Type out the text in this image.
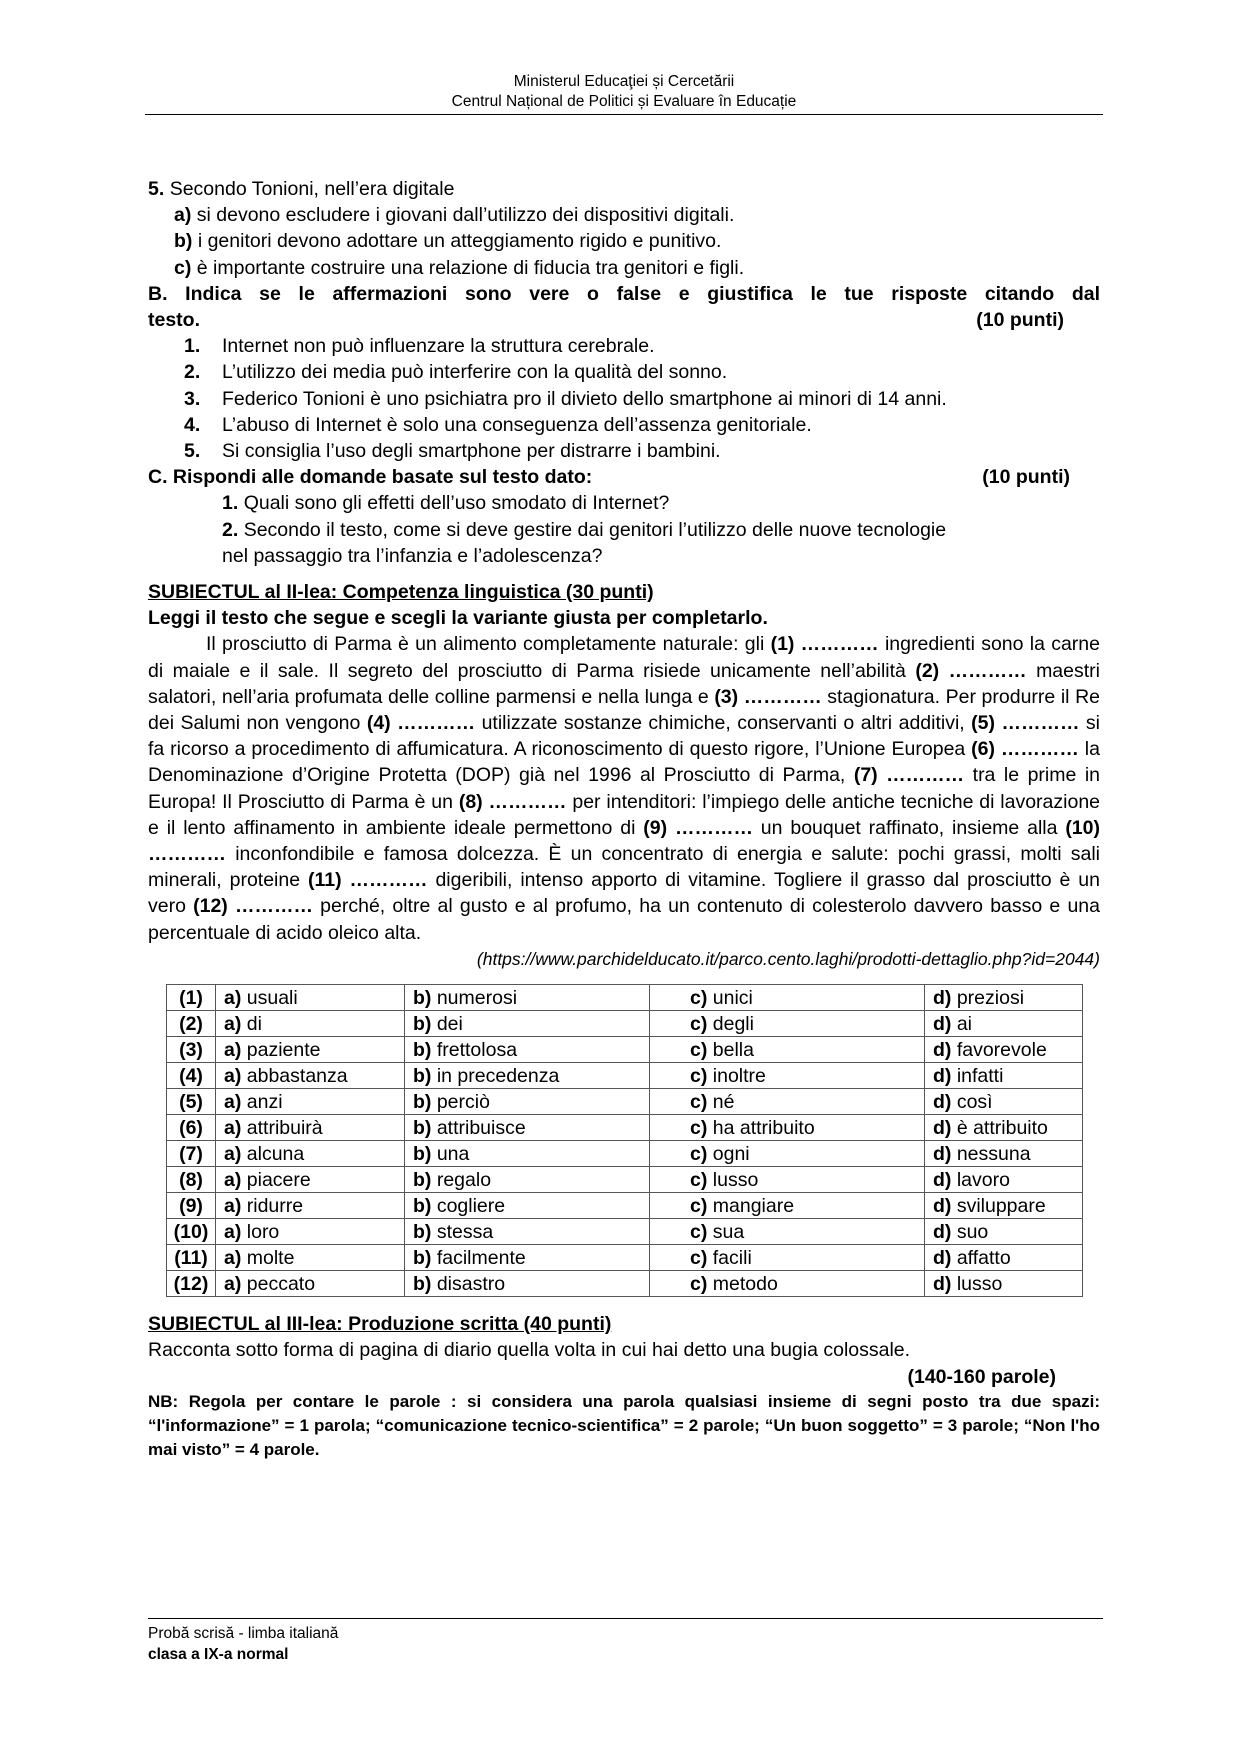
Ministerul Educaţiei și Cercetării
Centrul Național de Politici și Evaluare în Educație
5. Secondo Tonioni, nell’era digitale
a) si devono escludere i giovani dall’utilizzo dei dispositivi digitali.
b) i genitori devono adottare un atteggiamento rigido e punitivo.
c) è importante costruire una relazione di fiducia tra genitori e figli.
B. Indica se le affermazioni sono vere o false e giustifica le tue risposte citando dal
testo.	(10 punti)
1.	Internet non può influenzare la struttura cerebrale.
2.	L’utilizzo dei media può interferire con la qualità del sonno.
3.	Federico Tonioni è uno psichiatra pro il divieto dello smartphone ai minori di 14 anni.
4.	L’abuso di Internet è solo una conseguenza dell’assenza genitoriale.
5.	Si consiglia l’uso degli smartphone per distrarre i bambini.
C. Rispondi alle domande basate sul testo dato:	(10 punti)
1. Quali sono gli effetti dell’uso smodato di Internet?
2. Secondo il testo, come si deve gestire dai genitori l’utilizzo delle nuove tecnologie
nel passaggio tra l’infanzia e l’adolescenza?
SUBIECTUL al II-lea: Competenza linguistica (30 punti)
Leggi il testo che segue e scegli la variante giusta per completarlo.
Il prosciutto di Parma è un alimento completamente naturale: gli (1) ………… ingredienti sono la carne di maiale e il sale. Il segreto del prosciutto di Parma risiede unicamente nell’abilità (2) ………… maestri salatori, nell’aria profumata delle colline parmensi e nella lunga e (3) ………… stagionatura. Per produrre il Re dei Salumi non vengono (4) ………… utilizzate sostanze chimiche, conservanti o altri additivi, (5) ………… si fa ricorso a procedimento di affumicatura. A riconoscimento di questo rigore, l’Unione Europea (6) ………… la Denominazione d’Origine Protetta (DOP) già nel 1996 al Prosciutto di Parma, (7) ………… tra le prime in Europa! Il Prosciutto di Parma è un (8) ………… per intenditori: l’impiego delle antiche tecniche di lavorazione e il lento affinamento in ambiente ideale permettono di (9) ………… un bouquet raffinato, insieme alla (10) ………… inconfondibile e famosa dolcezza. È un concentrato di energia e salute: pochi grassi, molti sali minerali, proteine (11) ………… digeribili, intenso apporto di vitamine. Togliere il grasso dal prosciutto è un vero (12) ………… perché, oltre al gusto e al profumo, ha un contenuto di colesterolo davvero basso e una percentuale di acido oleico alta.
(https://www.parchidelducato.it/parco.cento.laghi/prodotti-dettaglio.php?id=2044)
(1)	a) usuali	b) numerosi	c) unici	d) preziosi
(2)	a) di	b) dei	c) degli	d) ai
(3)	a) paziente	b) frettolosa	c) bella	d) favorevole
(4)	a) abbastanza	b) in precedenza	c) inoltre	d) infatti
(5)	a) anzi	b) perciò	c) né	d) così
(6)	a) attribuirà	b) attribuisce	c) ha attribuito	d) è attribuito
(7)	a) alcuna	b) una	c) ogni	d) nessuna
(8)	a) piacere	b) regalo	c) lusso	d) lavoro
(9)	a) ridurre	b) cogliere	c) mangiare	d) sviluppare
(10)	a) loro	b) stessa	c) sua	d) suo
(11)	a) molte	b) facilmente	c) facili	d) affatto
(12)	a) peccato	b) disastro	c) metodo	d) lusso
SUBIECTUL al III-lea: Produzione scritta (40 punti)
Racconta sotto forma di pagina di diario quella volta in cui hai detto una bugia colossale.
(140-160 parole)
NB: Regola per contare le parole : si considera una parola qualsiasi insieme di segni posto tra due spazi: “l'informazione” = 1 parola; “comunicazione tecnico-scientifica” = 2 parole; “Un buon soggetto” = 3 parole; “Non l'ho mai visto” = 4 parole.
Probă scrisă - limba italiană
clasa a IX-a normal
